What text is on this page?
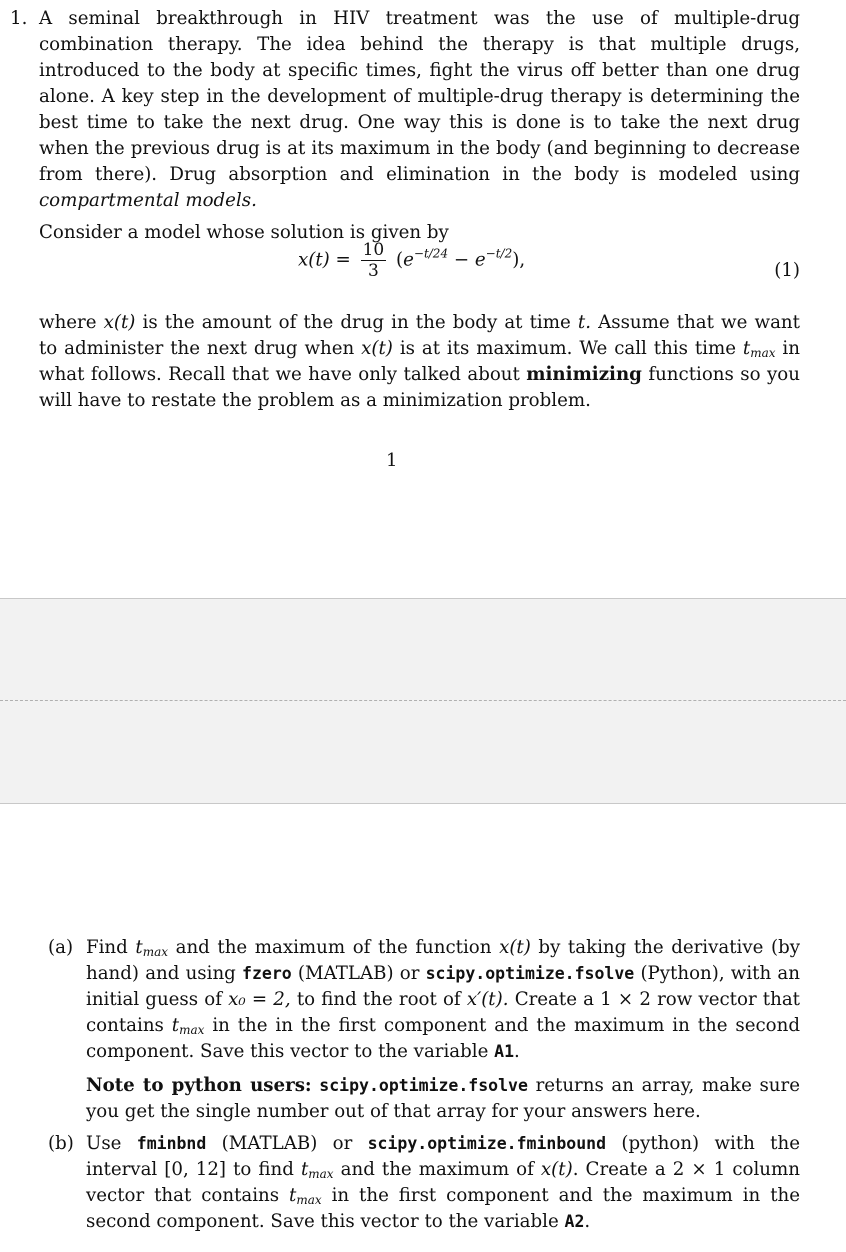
1. A seminal breakthrough in HIV treatment was the use of multiple-drug combination therapy. The idea behind the therapy is that multiple drugs, introduced to the body at specific times, fight the virus off better than one drug alone. A key step in the development of multiple-drug therapy is determining the best time to take the next drug. One way this is done is to take the next drug when the previous drug is at its maximum in the body (and beginning to decrease from there). Drug absorption and elimination in the body is modeled using compartmental models.
Consider a model whose solution is given by
$x(t) = \frac{10}{3} (e^{-t/24} - e^{-t/2})$,	(1)
where x(t) is the amount of the drug in the body at time t. Assume that we want to administer the next drug when x(t) is at its maximum. We call this time $t_{max}$ in what follows. Recall that we have only talked about minimizing functions so you will have to restate the problem as a minimization problem.
1
(a) Find $t_{max}$ and the maximum of the function x(t) by taking the derivative (by hand) and using fzero (MATLAB) or scipy.optimize.fsolve (Python), with an initial guess of x₀ = 2, to find the root of x′(t). Create a 1 × 2 row vector that contains $t_{max}$ in the in the first component and the maximum in the second component. Save this vector to the variable A1.
Note to python users: scipy.optimize.fsolve returns an array, make sure you get the single number out of that array for your answers here.
(b) Use fminbnd (MATLAB) or scipy.optimize.fminbound (python) with the interval [0, 12] to find $t_{max}$ and the maximum of x(t). Create a 2 × 1 column vector that contains $t_{max}$ in the first component and the maximum in the second component. Save this vector to the variable A2.
